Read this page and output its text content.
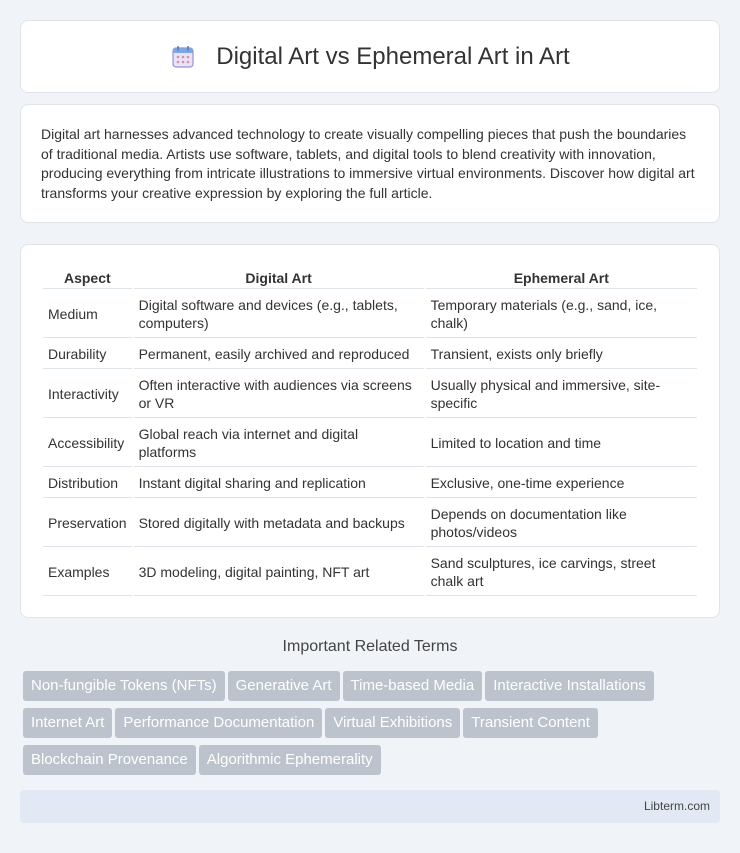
Digital Art vs Ephemeral Art in Art

Digital art harnesses advanced technology to create visually compelling pieces that push the boundaries of traditional media. Artists use software, tablets, and digital tools to blend creativity with innovation, producing everything from intricate illustrations to immersive virtual environments. Discover how digital art transforms your creative expression by exploring the full article.

Aspect	Digital Art	Ephemeral Art
Medium	Digital software and devices (e.g., tablets, computers)	Temporary materials (e.g., sand, ice, chalk)
Durability	Permanent, easily archived and reproduced	Transient, exists only briefly
Interactivity	Often interactive with audiences via screens or VR	Usually physical and immersive, site-specific
Accessibility	Global reach via internet and digital platforms	Limited to location and time
Distribution	Instant digital sharing and replication	Exclusive, one-time experience
Preservation	Stored digitally with metadata and backups	Depends on documentation like photos/videos
Examples	3D modeling, digital painting, NFT art	Sand sculptures, ice carvings, street chalk art
Important Related Terms
Non-fungible Tokens (NFTs) Generative Art Time-based Media Interactive Installations
Internet Art Performance Documentation Virtual Exhibitions Transient Content
Blockchain Provenance Algorithmic Ephemerality
Libterm.com
